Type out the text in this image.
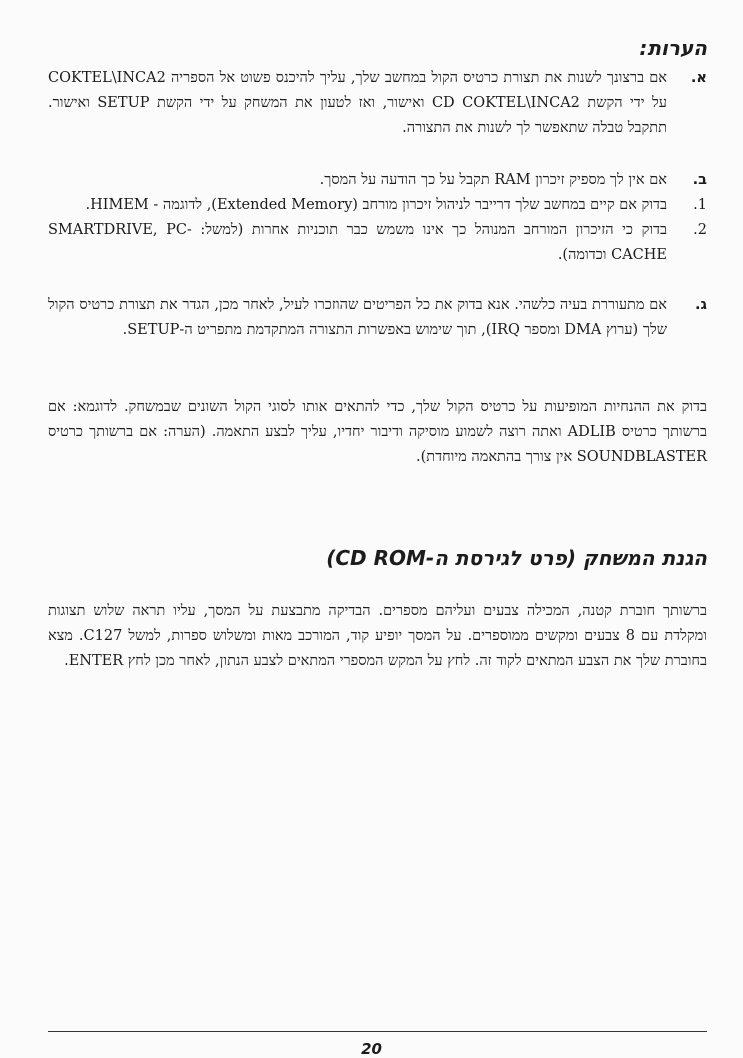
הערות:
א.
אם ברצונך לשנות את תצורת כרטיס הקול במחשב שלך, עליך להיכנס פשוט אל הספריה COKTEL\INCA2 על ידי הקשת CD COKTEL\INCA2 ואישור, ואז לטעון את המשחק על ידי הקשת SETUP ואישור. תתקבל טבלה שתאפשר לך לשנות את התצורה.
ב.
אם אין לך מספיק זיכרון RAM תקבל על כך הודעה על המסך.
1.
בדוק אם קיים במחשב שלך דרייבר לניהול זיכרון מורחב (Extended Memory), לדוגמה - HIMEM.
2.
בדוק כי הזיכרון המורחב המנוהל כך אינו משמש כבר תוכניות אחרות (למשל: SMARTDRIVE, PC-CACHE וכדומה).
ג.
אם מתעוררת בעיה כלשהי. אנא בדוק את כל הפריטים שהוזכרו לעיל, לאחר מכן, הגדר את תצורת כרטיס הקול שלך (ערוץ DMA ומספר IRQ), תוך שימוש באפשרות התצורה המתקדמת מתפריט ה-SETUP.

בדוק את ההנחיות המופיעות על כרטיס הקול שלך, כדי להתאים אותו לסוגי הקול השונים שבמשחק. לדוגמא: אם ברשותך כרטיס ADLIB ואתה רוצה לשמוע מוסיקה ודיבור יחדיו, עליך לבצע התאמה. (הערה: אם ברשותך כרטיס SOUNDBLASTER אין צורך בהתאמה מיוחדת).

הגנת המשחק (פרט לגירסת ה-CD ROM)

ברשותך חוברת קטנה, המכילה צבעים ועליהם מספרים. הבדיקה מתבצעת על המסך, עליו תראה שלוש תצוגות ומקלדת עם 8 צבעים ומקשים ממוספרים. על המסך יופיע קוד, המורכב מאות ומשלוש ספרות, למשל C127. מצא בחוברת שלך את הצבע המתאים לקוד זה. לחץ על המקש המספרי המתאים לצבע הנתון, לאחר מכן לחץ ENTER.

20
